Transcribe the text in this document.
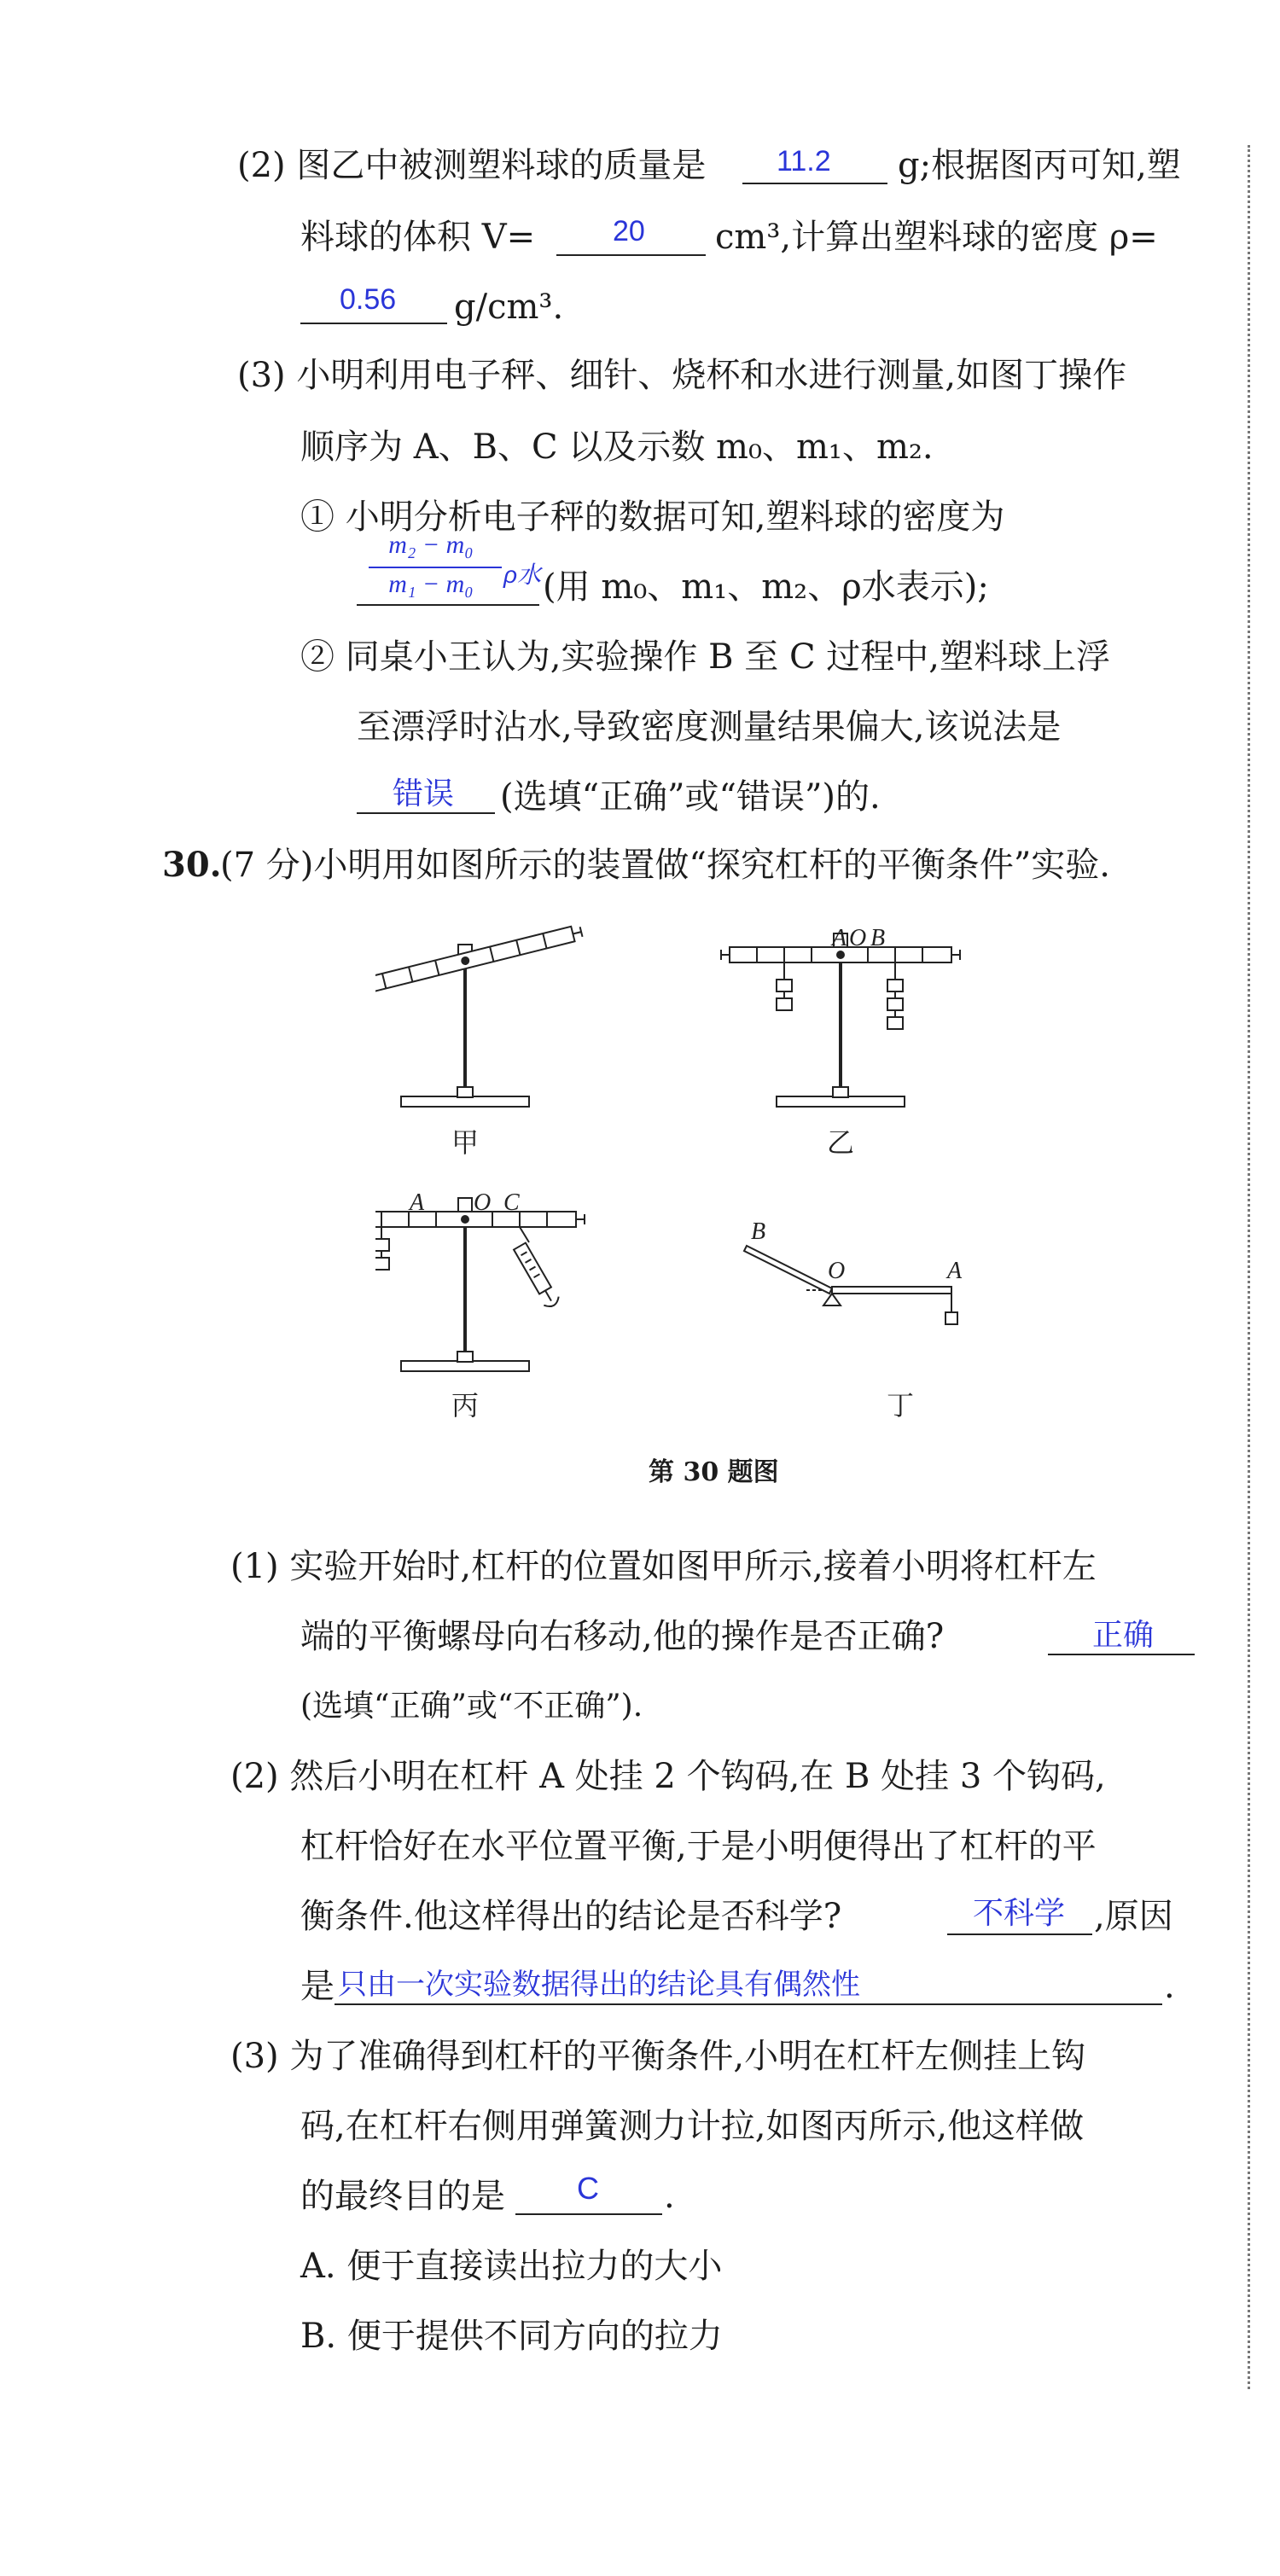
(2) 图乙中被测塑料球的质量是 11.2 g;根据图丙可知,塑
料球的体积 V=	20 cm³,计算出塑料球的密度 ρ=
0.56 g/cm³.
(3) 小明利用电子秤、细针、烧杯和水进行测量,如图丁操作
顺序为 A、B、C 以及示数 m₀、m₁、m₂.
① 小明分析电子秤的数据可知,塑料球的密度为
m₂ − m₀
m₁ − m₀	ρ水 (用 m₀、m₁、m₂、ρ水表示);
② 同桌小王认为,实验操作 B 至 C 过程中,塑料球上浮
至漂浮时沾水,导致密度测量结果偏大,该说法是
错误 (选填“正确”或“错误”)的.
30.
(7 分)小明用如图所示的装置做“探究杠杆的平衡条件”实验.
A O B
A O C
B
O	A
甲	乙
丙	丁
第 30 题图
(1) 实验开始时,杠杆的位置如图甲所示,接着小明将杠杆左
端的平衡螺母向右移动,他的操作是否正确?	正确
(选填“正确”或“不正确”).
(2) 然后小明在杠杆 A 处挂 2 个钩码,在 B 处挂 3 个钩码,
杠杆恰好在水平位置平衡,于是小明便得出了杠杆的平
衡条件.他这样得出的结论是否科学?	不科学 ,原因
是 只由一次实验数据得出的结论具有偶然性	.
(3) 为了准确得到杠杆的平衡条件,小明在杠杆左侧挂上钩
码,在杠杆右侧用弹簧测力计拉,如图丙所示,他这样做
的最终目的是 C .
A. 便于直接读出拉力的大小
B. 便于提供不同方向的拉力
